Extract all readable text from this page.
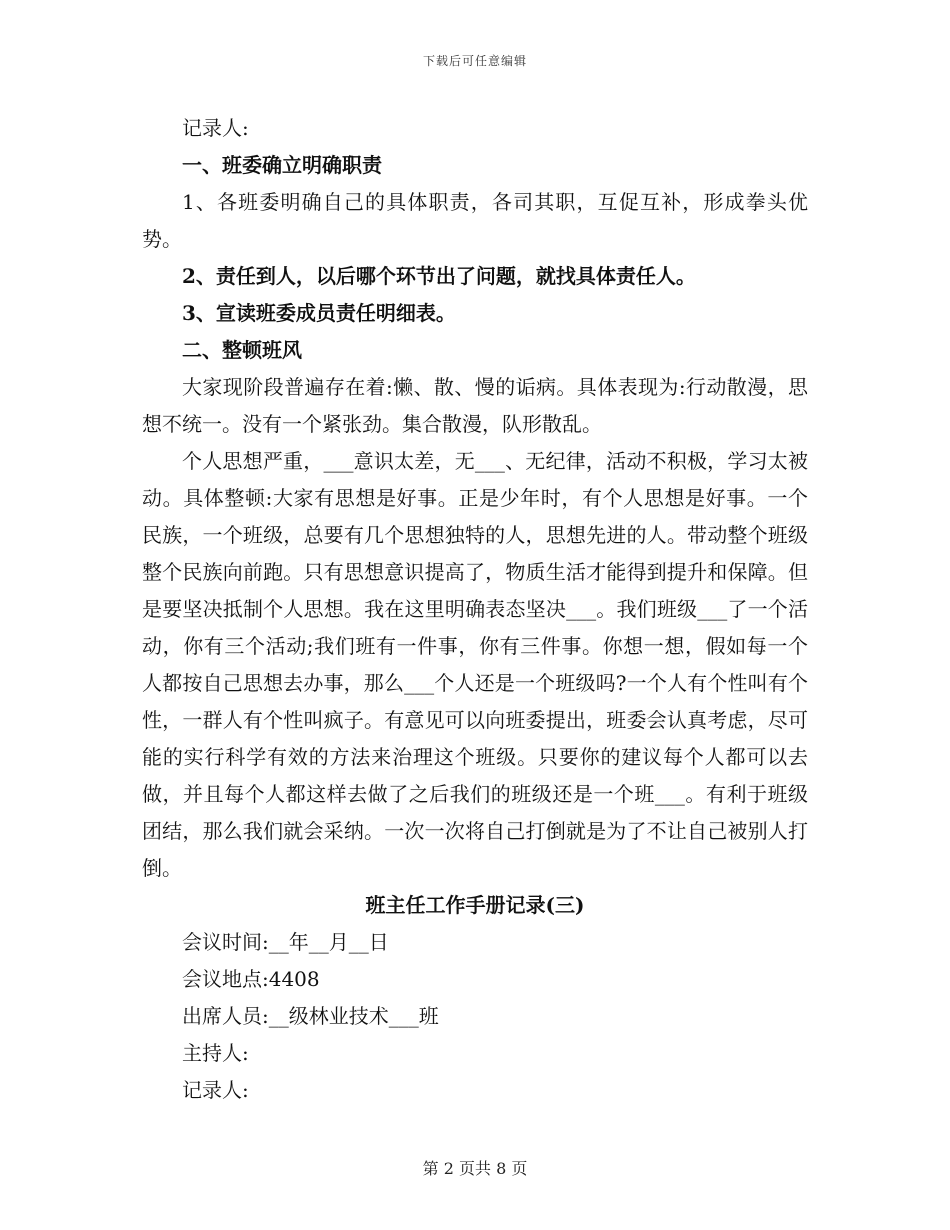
下载后可任意编辑

记录人:

一、班委确立明确职责

1、各班委明确自己的具体职责，各司其职，互促互补，形成拳头优势。

2、责任到人，以后哪个环节出了问题，就找具体责任人。

3、宣读班委成员责任明细表。

二、整顿班风

大家现阶段普遍存在着:懒、散、慢的诟病。具体表现为:行动散漫，思想不统一。没有一个紧张劲。集合散漫，队形散乱。

个人思想严重，___意识太差，无___、无纪律，活动不积极，学习太被动。具体整顿:大家有思想是好事。正是少年时，有个人思想是好事。一个民族，一个班级，总要有几个思想独特的人，思想先进的人。带动整个班级整个民族向前跑。只有思想意识提高了，物质生活才能得到提升和保障。但是要坚决抵制个人思想。我在这里明确表态坚决___。我们班级___了一个活动，你有三个活动;我们班有一件事，你有三件事。你想一想，假如每一个人都按自己思想去办事，那么___个人还是一个班级吗?一个人有个性叫有个性，一群人有个性叫疯子。有意见可以向班委提出，班委会认真考虑，尽可能的实行科学有效的方法来治理这个班级。只要你的建议每个人都可以去做，并且每个人都这样去做了之后我们的班级还是一个班___。有利于班级团结，那么我们就会采纳。一次一次将自己打倒就是为了不让自己被别人打倒。

班主任工作手册记录(三)

会议时间:__年__月__日

会议地点:4408

出席人员:__级林业技术___班

主持人:

记录人:

第 2 页共 8 页
